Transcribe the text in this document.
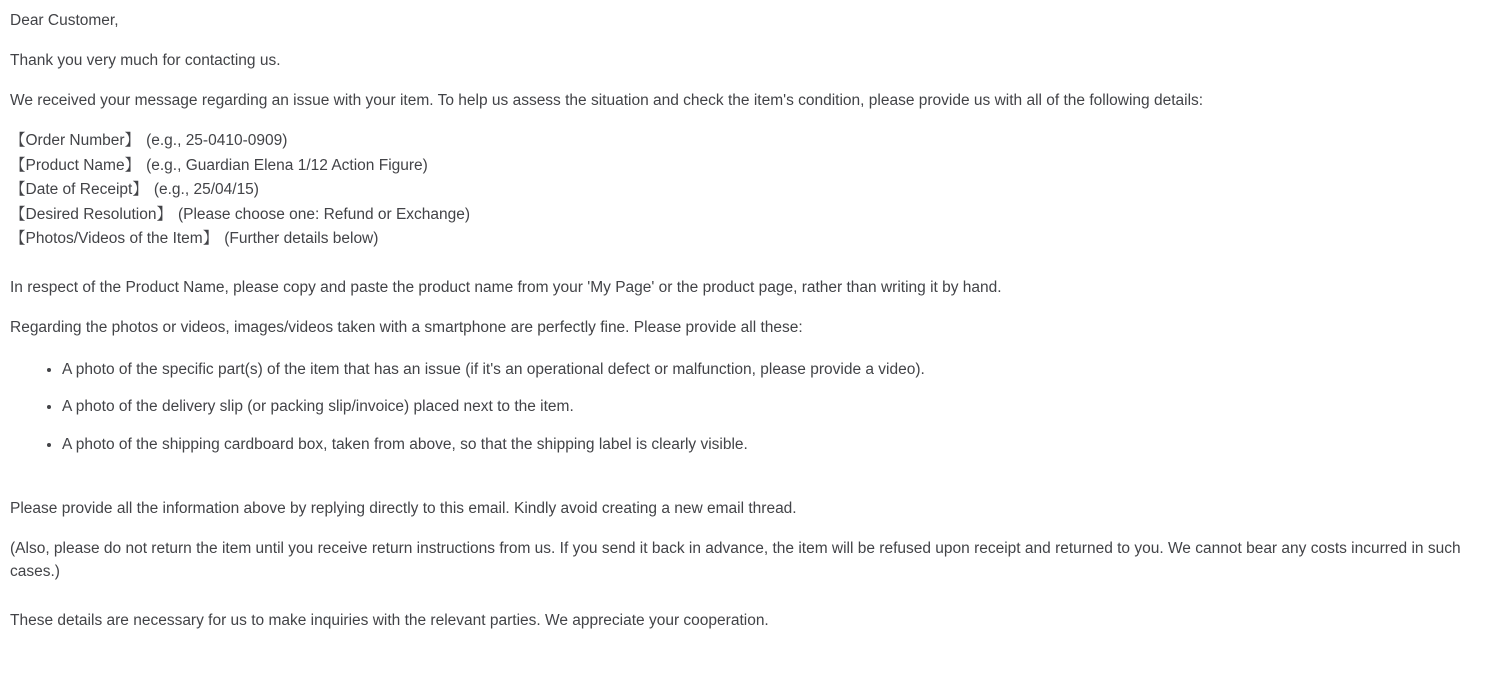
Dear Customer,

Thank you very much for contacting us.

We received your message regarding an issue with your item. To help us assess the situation and check the item's condition, please provide us with all of the following details:

【Order Number】 (e.g., 25-0410-0909)
【Product Name】 (e.g., Guardian Elena 1/12 Action Figure)
【Date of Receipt】 (e.g., 25/04/15)
【Desired Resolution】 (Please choose one: Refund or Exchange)
【Photos/Videos of the Item】 (Further details below)

In respect of the Product Name, please copy and paste the product name from your 'My Page' or the product page, rather than writing it by hand.

Regarding the photos or videos, images/videos taken with a smartphone are perfectly fine. Please provide all these:

• A photo of the specific part(s) of the item that has an issue (if it's an operational defect or malfunction, please provide a video).
• A photo of the delivery slip (or packing slip/invoice) placed next to the item.
• A photo of the shipping cardboard box, taken from above, so that the shipping label is clearly visible.

Please provide all the information above by replying directly to this email. Kindly avoid creating a new email thread.

(Also, please do not return the item until you receive return instructions from us. If you send it back in advance, the item will be refused upon receipt and returned to you. We cannot bear any costs incurred in such cases.)

These details are necessary for us to make inquiries with the relevant parties. We appreciate your cooperation.
